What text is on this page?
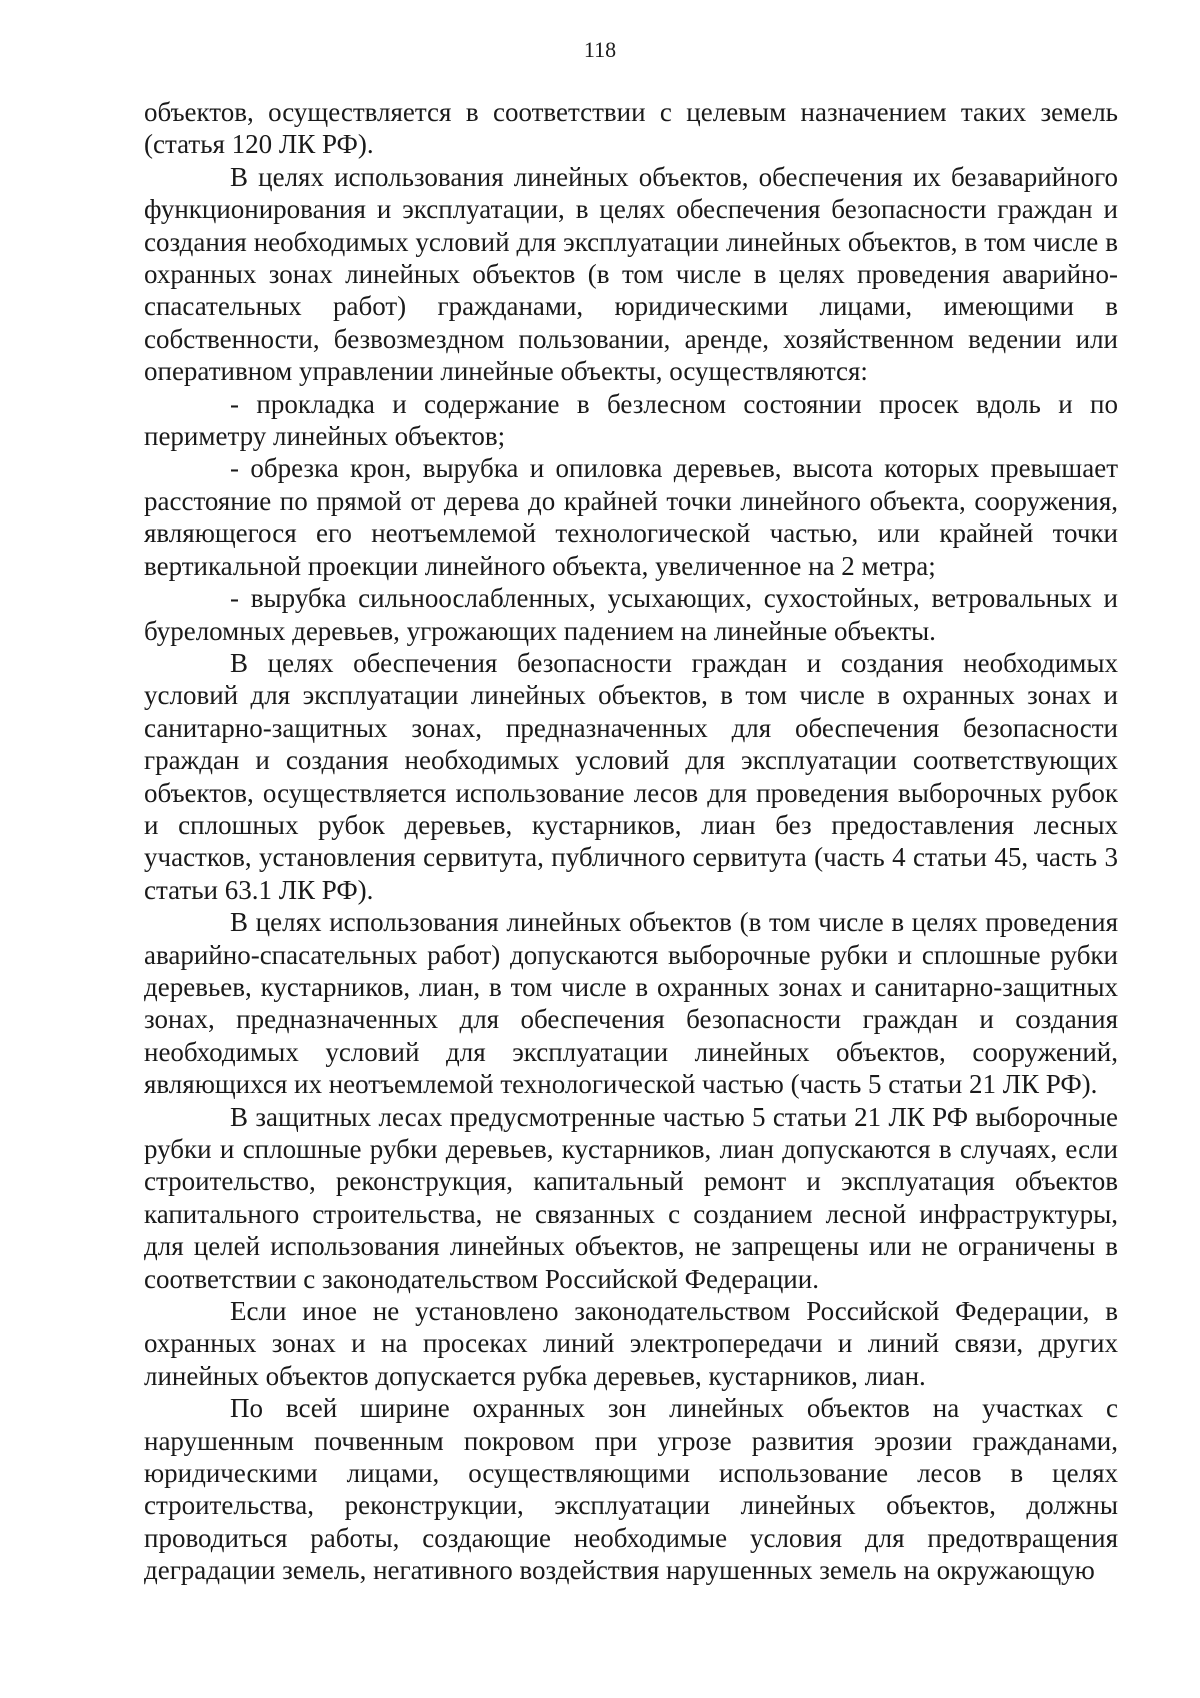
118

объектов, осуществляется в соответствии с целевым назначением таких земель (статья 120 ЛК РФ).

В целях использования линейных объектов, обеспечения их безаварийного функционирования и эксплуатации, в целях обеспечения безопасности граждан и создания необходимых условий для эксплуатации линейных объектов, в том числе в охранных зонах линейных объектов (в том числе в целях проведения аварийно-спасательных работ) гражданами, юридическими лицами, имеющими в собственности, безвозмездном пользовании, аренде, хозяйственном ведении или оперативном управлении линейные объекты, осуществляются:

- прокладка и содержание в безлесном состоянии просек вдоль и по периметру линейных объектов;

- обрезка крон, вырубка и опиловка деревьев, высота которых превышает расстояние по прямой от дерева до крайней точки линейного объекта, сооружения, являющегося его неотъемлемой технологической частью, или крайней точки вертикальной проекции линейного объекта, увеличенное на 2 метра;

- вырубка сильноослабленных, усыхающих, сухостойных, ветровальных и буреломных деревьев, угрожающих падением на линейные объекты.

В целях обеспечения безопасности граждан и создания необходимых условий для эксплуатации линейных объектов, в том числе в охранных зонах и санитарно-защитных зонах, предназначенных для обеспечения безопасности граждан и создания необходимых условий для эксплуатации соответствующих объектов, осуществляется использование лесов для проведения выборочных рубок и сплошных рубок деревьев, кустарников, лиан без предоставления лесных участков, установления сервитута, публичного сервитута (часть 4 статьи 45, часть 3 статьи 63.1 ЛК РФ).

В целях использования линейных объектов (в том числе в целях проведения аварийно-спасательных работ) допускаются выборочные рубки и сплошные рубки деревьев, кустарников, лиан, в том числе в охранных зонах и санитарно-защитных зонах, предназначенных для обеспечения безопасности граждан и создания необходимых условий для эксплуатации линейных объектов, сооружений, являющихся их неотъемлемой технологической частью (часть 5 статьи 21 ЛК РФ).

В защитных лесах предусмотренные частью 5 статьи 21 ЛК РФ выборочные рубки и сплошные рубки деревьев, кустарников, лиан допускаются в случаях, если строительство, реконструкция, капитальный ремонт и эксплуатация объектов капитального строительства, не связанных с созданием лесной инфраструктуры, для целей использования линейных объектов, не запрещены или не ограничены в соответствии с законодательством Российской Федерации.

Если иное не установлено законодательством Российской Федерации, в охранных зонах и на просеках линий электропередачи и линий связи, других линейных объектов допускается рубка деревьев, кустарников, лиан.

По всей ширине охранных зон линейных объектов на участках с нарушенным почвенным покровом при угрозе развития эрозии гражданами, юридическими лицами, осуществляющими использование лесов в целях строительства, реконструкции, эксплуатации линейных объектов, должны проводиться работы, создающие необходимые условия для предотвращения деградации земель, негативного воздействия нарушенных земель на окружающую
